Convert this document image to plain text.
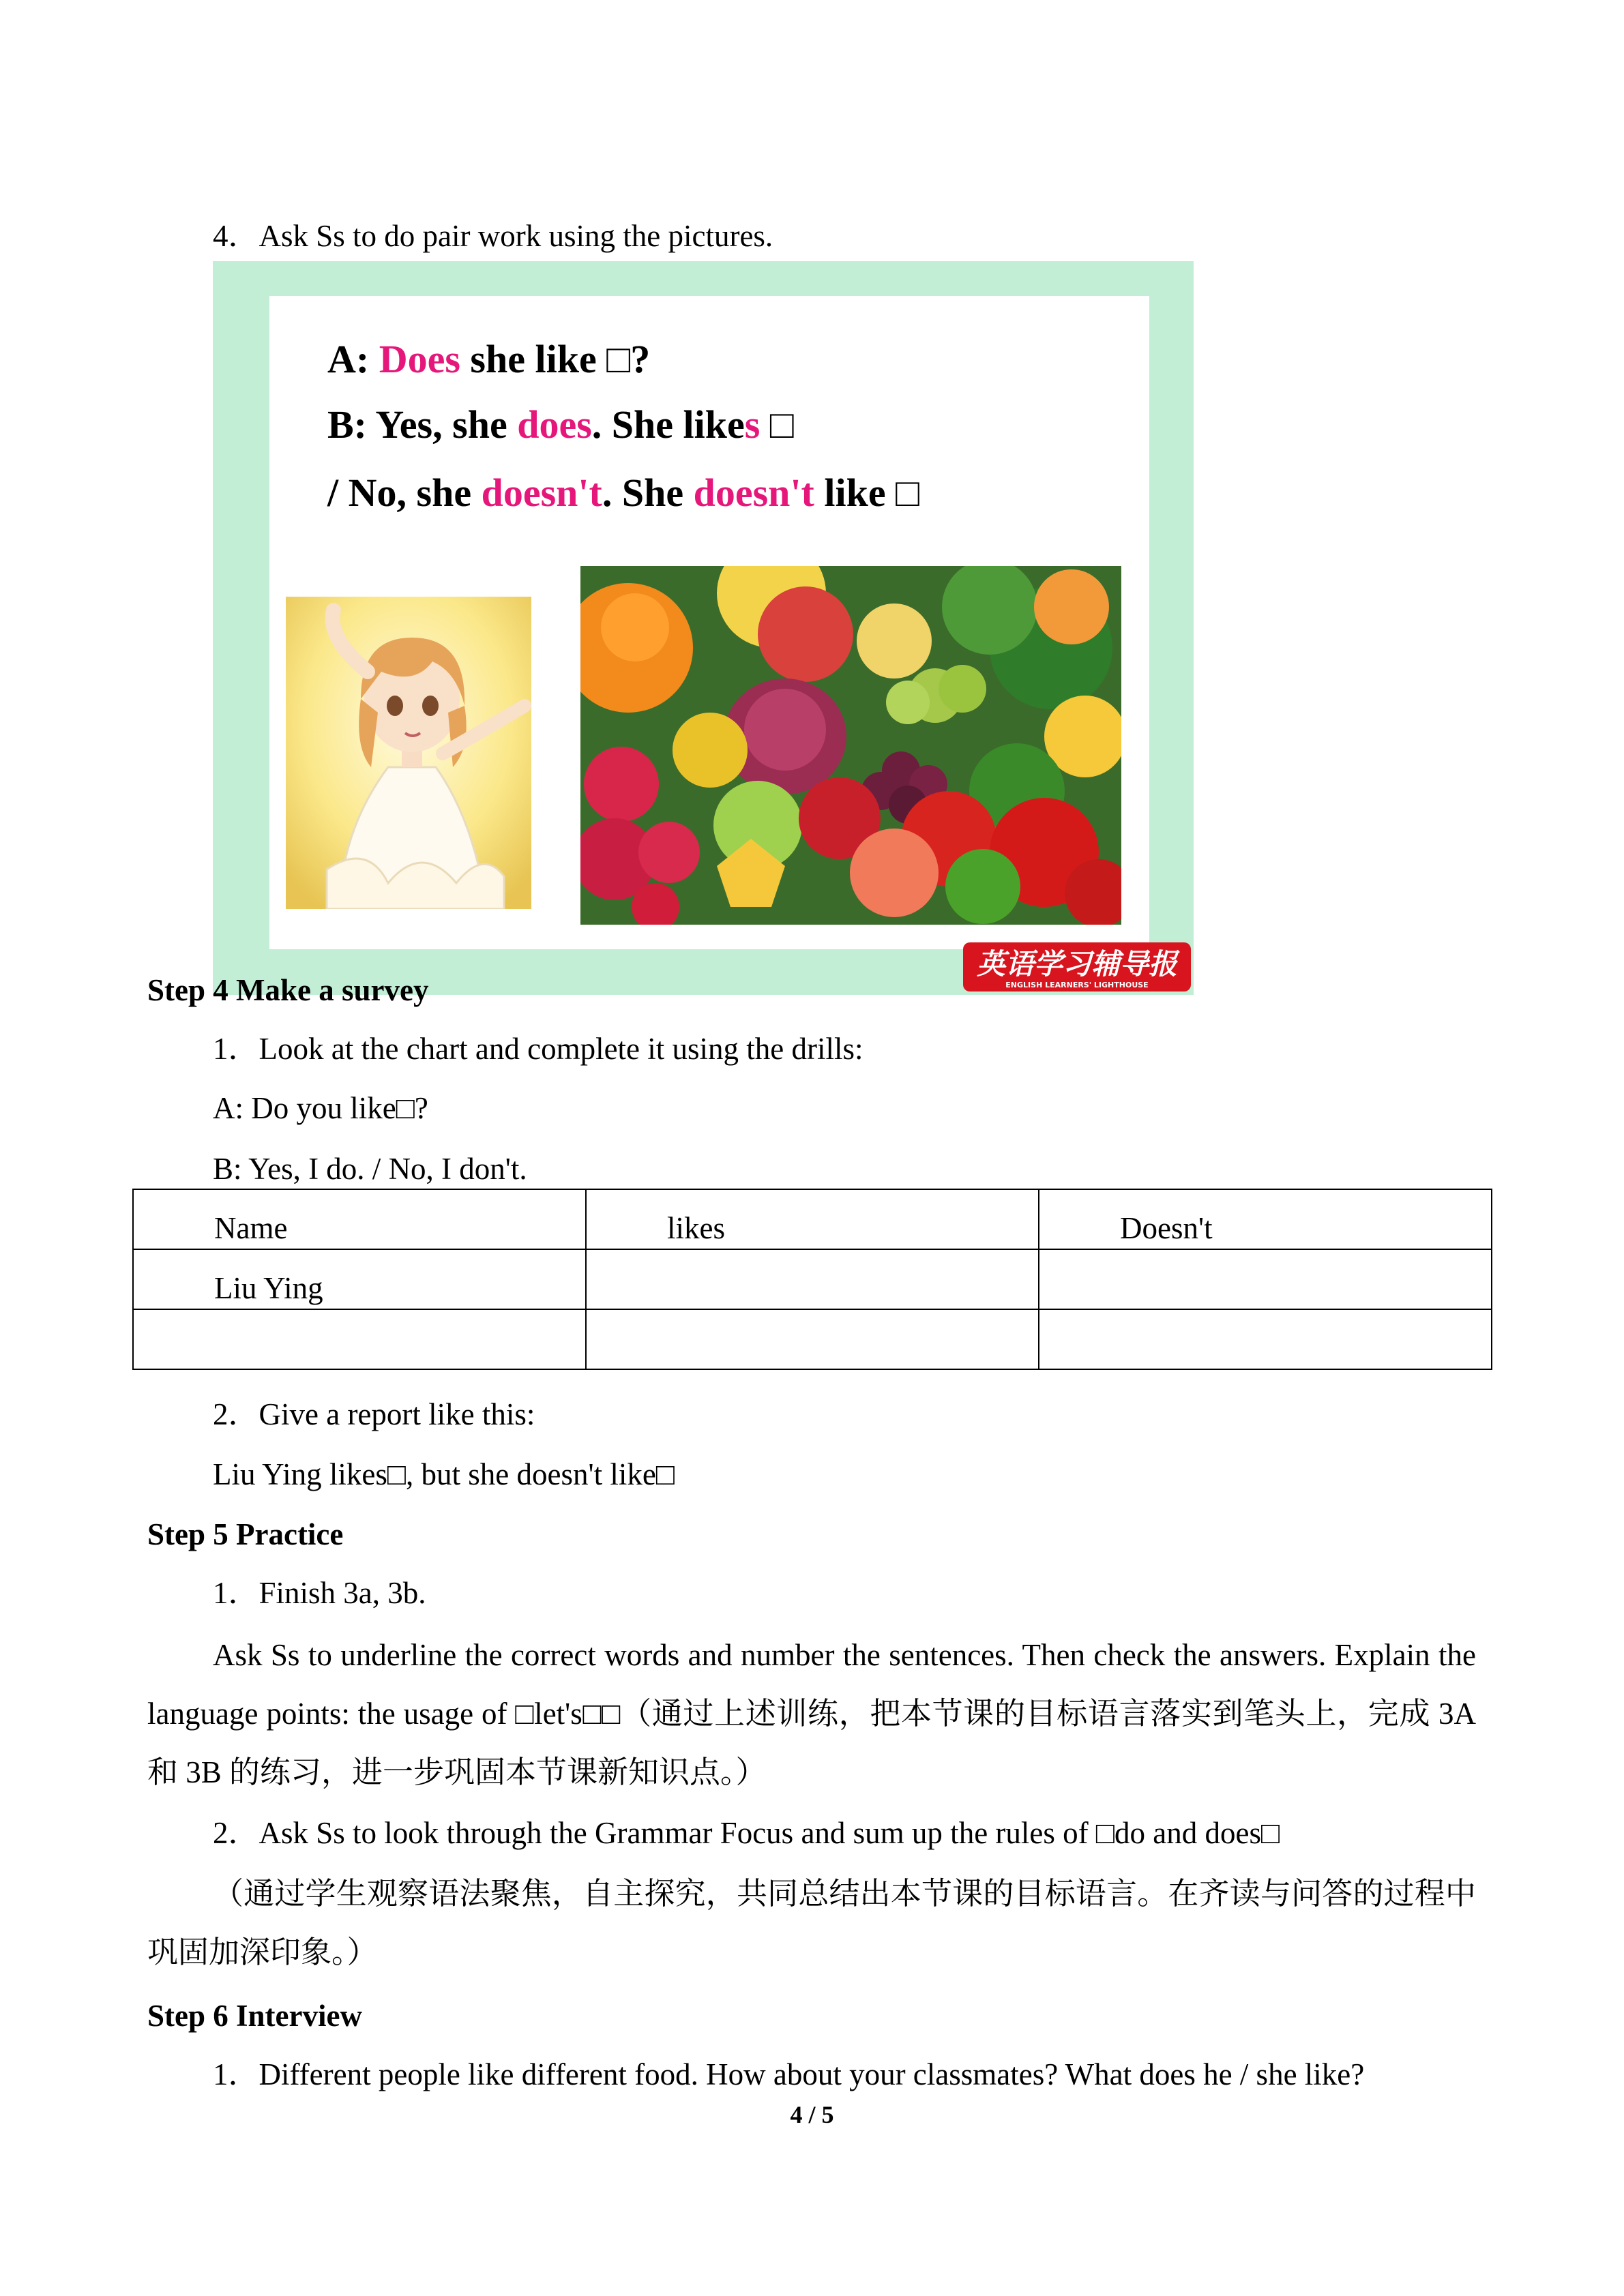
4．Ask Ss to do pair work using the pictures.
A: Does she like □?
B: Yes, she does. She likes □
/ No, she doesn't. She doesn't like □
英语学习辅导报
ENGLISH LEARNERS' LIGHTHOUSE
Step 4 Make a survey
1．Look at the chart and complete it using the drills:
A: Do you like□?
B: Yes, I do. / No, I don't.
Name	likes	Doesn't
Liu Ying		

2．Give a report like this:
Liu Ying likes□, but she doesn't like□
Step 5 Practice
1．Finish 3a, 3b.
Ask Ss to underline the correct words and number the sentences. Then check the answers. Explain the language points: the usage of □let's□□（通过上述训练，把本节课的目标语言落实到笔头上，完成 3A 和 3B 的练习，进一步巩固本节课新知识点。）
2．Ask Ss to look through the Grammar Focus and sum up the rules of □do and does□
（通过学生观察语法聚焦，自主探究，共同总结出本节课的目标语言。在齐读与问答的过程中巩固加深印象。）
Step 6 Interview
1．Different people like different food. How about your classmates? What does he / she like?
4 / 5
